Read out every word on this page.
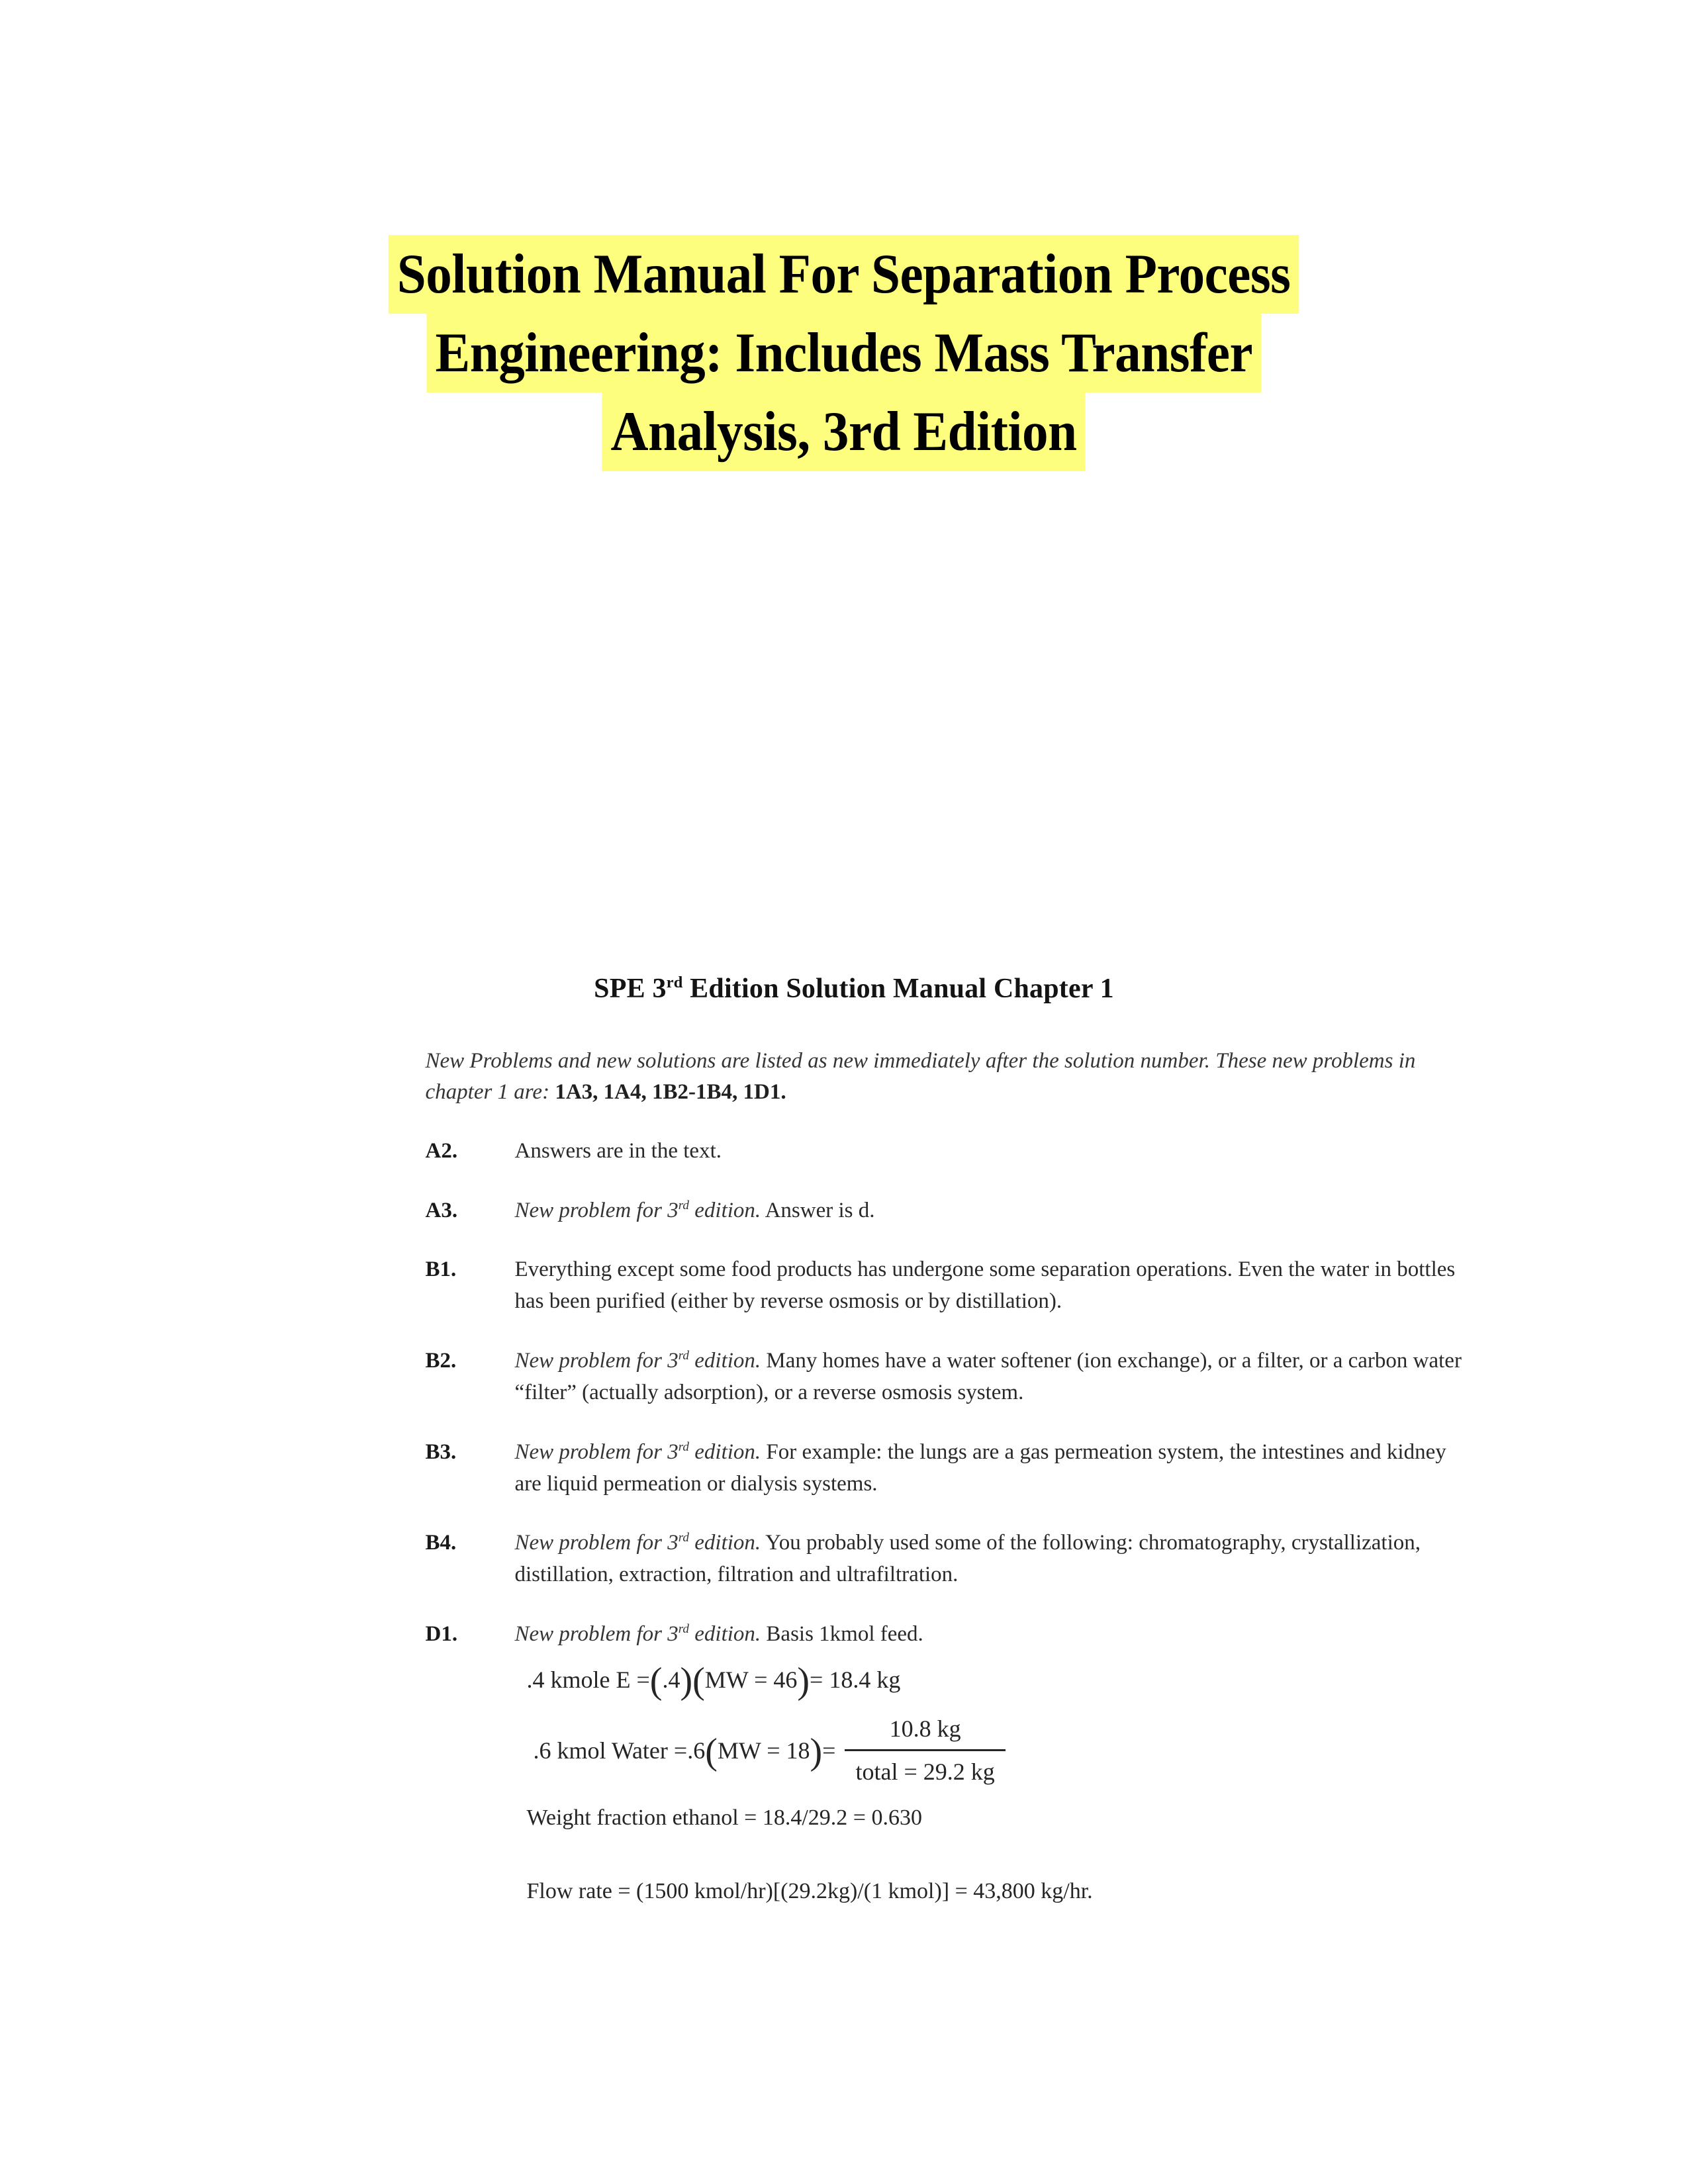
Solution Manual For Separation Process
Engineering: Includes Mass Transfer
Analysis, 3rd Edition
SPE 3rd Edition Solution Manual Chapter 1
New Problems and new solutions are listed as new immediately after the solution number. These new problems in chapter 1 are: 1A3, 1A4, 1B2-1B4, 1D1.
A2.	Answers are in the text.
A3.	New problem for 3rd edition. Answer is d.
B1.	Everything except some food products has undergone some separation operations. Even the water in bottles has been purified (either by reverse osmosis or by distillation).
B2.	New problem for 3rd edition. Many homes have a water softener (ion exchange), or a filter, or a carbon water “filter” (actually adsorption), or a reverse osmosis system.
B3.	New problem for 3rd edition. For example: the lungs are a gas permeation system, the intestines and kidney are liquid permeation or dialysis systems.
B4.	New problem for 3rd edition. You probably used some of the following: chromatography, crystallization, distillation, extraction, filtration and ultrafiltration.
D1.	New problem for 3rd edition. Basis 1kmol feed.
.4 kmole E = ( .4 ) ( MW = 46 ) = 18.4 kg
.6 kmol Water =.6 ( MW = 18 ) = $\frac{10.8 kg}{\text{total = 29.2 kg}}$
Weight fraction ethanol = 18.4/29.2 = 0.630
Flow rate = (1500 kmol/hr)[(29.2kg)/(1 kmol)] = 43,800 kg/hr.
